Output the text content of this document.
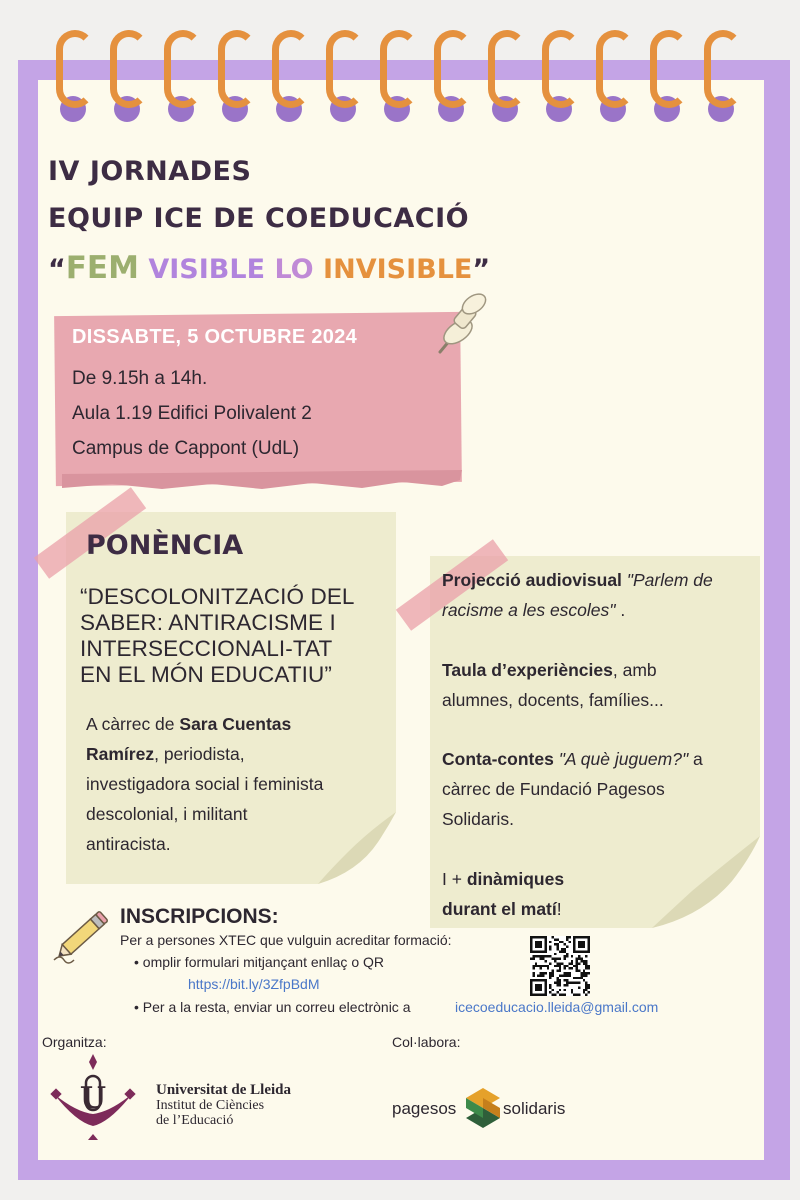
IV JORNADES
EQUIP ICE DE COEDUCACIÓ
“FEM VISIBLE LO INVISIBLE”
DISSABTE, 5 OCTUBRE 2024
De 9.15h a 14h.
Aula 1.19 Edifici Polivalent 2
Campus de Cappont (UdL)
PONÈNCIA
“DESCOLONITZACIÓ DEL
SABER: ANTIRACISME I
INTERSECCIONALI-TAT
EN EL MÓN EDUCATIU”
A càrrec de Sara Cuentas
Ramírez, periodista,
investigadora social i feminista
descolonial, i militant
antiracista.
Projecció audiovisual "Parlem de
racisme a les escoles" .
Taula d’experiències, amb
alumnes, docents, famílies...
Conta-contes "A què juguem?" a
càrrec de Fundació Pagesos
Solidaris.
I + dinàmiques
durant el matí!
INSCRIPCIONS:
Per a persones XTEC que vulguin acreditar formació:
• omplir formulari mitjançant enllaç o QR
https://bit.ly/3ZfpBdM
• Per a la resta, enviar un correu electrònic a	icecoeducacio.lleida@gmail.com
Organitza:	Col·labora:
U	Universitat de Lleida
Institut de Ciències
de l’Educació
pagesos	solidaris
